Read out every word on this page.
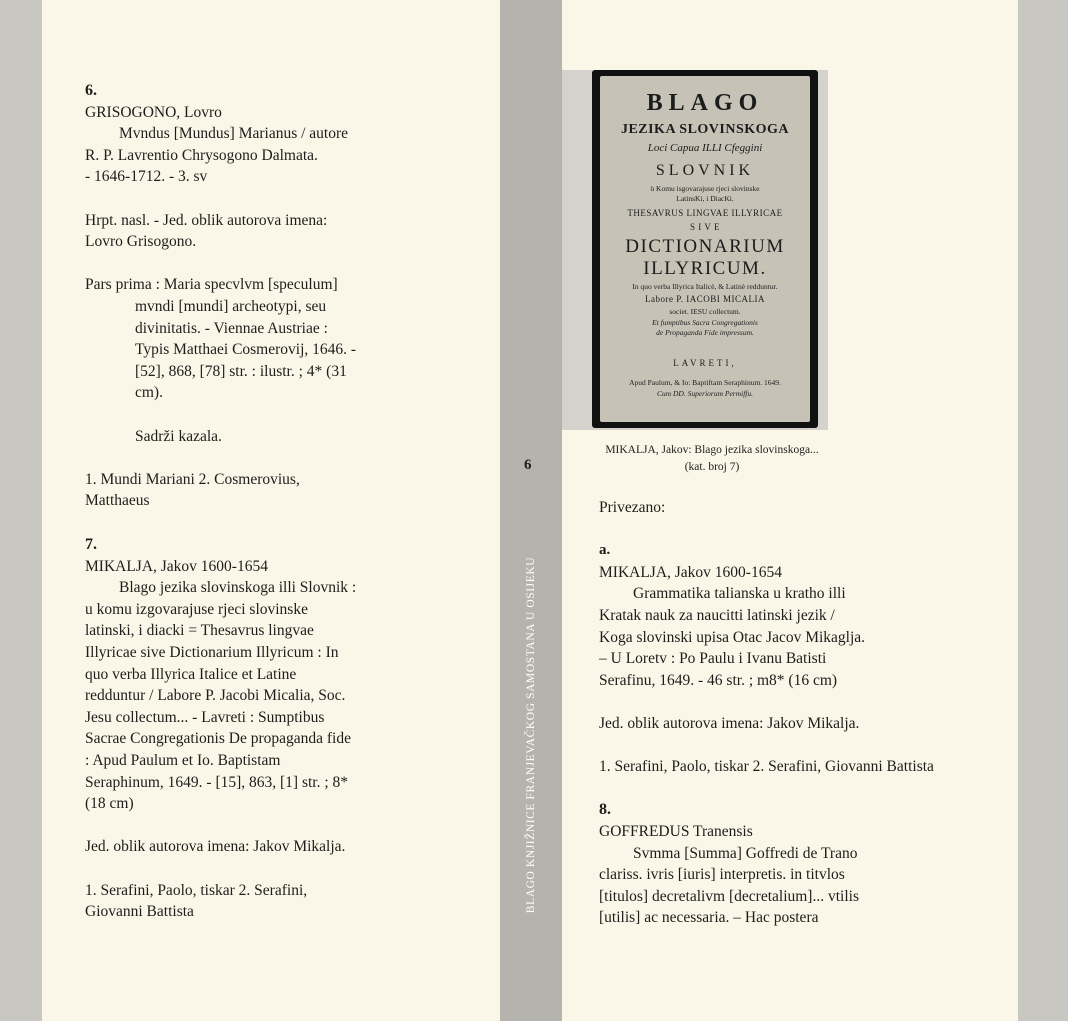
BLAGO KNJIŽNICE FRANJEVAČKOG SAMOSTANA U OSIJEKU
6
6.
GRISOGONO, Lovro
Mvndus [Mundus] Marianus / autore
R. P. Lavrentio Chrysogono Dalmata.
- 1646-1712. - 3. sv
Hrpt. nasl. - Jed. oblik autorova imena:
Lovro Grisogono.
Pars prima : Maria specvlvm [speculum]
mvndi [mundi] archeotypi, seu
divinitatis. - Viennae Austriae :
Typis Matthaei Cosmerovij, 1646. -
[52], 868, [78] str. : ilustr. ; 4* (31
cm).
Sadrži kazala.
1. Mundi Mariani 2. Cosmerovius,
Matthaeus
7.
MIKALJA, Jakov 1600-1654
Blago jezika slovinskoga illi Slovnik :
u komu izgovarajuse rjeci slovinske
latinski, i diacki = Thesavrus lingvae
Illyricae sive Dictionarium Illyricum : In
quo verba Illyrica Italice et Latine
redduntur / Labore P. Jacobi Micalia, Soc.
Jesu collectum... - Lavreti : Sumptibus
Sacrae Congregationis De propaganda fide
: Apud Paulum et Io. Baptistam
Seraphinum, 1649. - [15], 863, [1] str. ; 8*
(18 cm)
Jed. oblik autorova imena: Jakov Mikalja.
1. Serafini, Paolo, tiskar 2. Serafini,
Giovanni Battista
BLAGO
JEZIKA SLOVINSKOGA
Loci Capua ILLI Cfeggini
SLOVNIK
ù Komu isgovarajuse rjeci slovinske
LatinsKi, i DiacKi.
THESAVRUS LINGVAE ILLYRICAE
S I V E
DICTIONARIUM
ILLYRICUM.
In quo verba Illyrica Italicè, & Latinè redduntur.
Labore P. IACOBI MICALIA
societ. IESU collectum.
Et fumptibus Sacra Congregationis
de Propaganda Fide impressum.
LAVRETI,
Apud Paulum, & Io: Baptiftam Seraphinum. 1649.
Cum DD. Superiorum Permiffu.
MIKALJA, Jakov: Blago jezika slovinskoga...
(kat. broj 7)
Privezano:
a.
MIKALJA, Jakov 1600-1654
Grammatika talianska u kratho illi
Kratak nauk za naucitti latinski jezik /
Koga slovinski upisa Otac Jacov Mikaglja.
– U Loretv : Po Paulu i Ivanu Batisti
Serafinu, 1649. - 46 str. ; m8* (16 cm)
Jed. oblik autorova imena: Jakov Mikalja.
1. Serafini, Paolo, tiskar 2. Serafini, Giovanni Battista
8.
GOFFREDUS Tranensis
Svmma [Summa] Goffredi de Trano
clariss. ivris [iuris] interpretis. in titvlos
[titulos] decretalivm [decretalium]... vtilis
[utilis] ac necessaria. – Hac postera
